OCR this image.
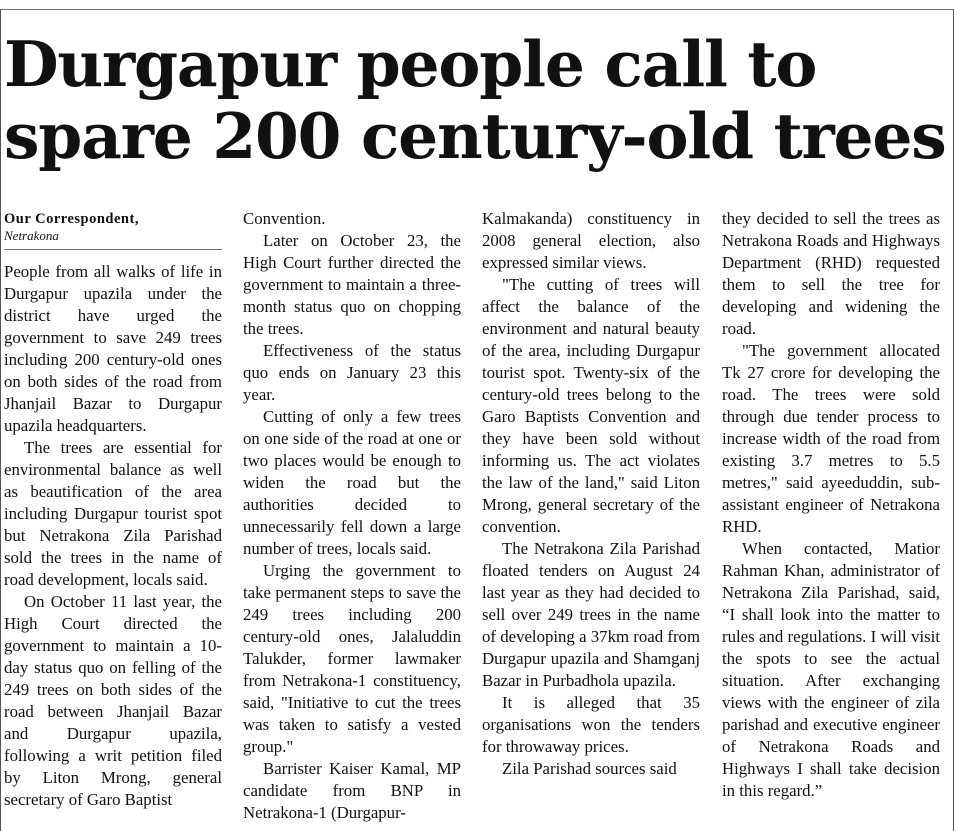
Durgapur people call to spare 200 century-old trees
Our Correspondent,
Netrakona

People from all walks of life in Durgapur upazila under the district have urged the government to save 249 trees including 200 century-old ones on both sides of the road from Jhanjail Bazar to Durgapur upazila headquarters.

The trees are essential for environmental balance as well as beautification of the area including Durgapur tourist spot but Netrakona Zila Parishad sold the trees in the name of road development, locals said.

On October 11 last year, the High Court directed the government to maintain a 10-day status quo on felling of the 249 trees on both sides of the road between Jhanjail Bazar and Durgapur upazila, following a writ petition filed by Liton Mrong, general secretary of Garo Baptist

Convention.

Later on October 23, the High Court further directed the government to maintain a three-month status quo on chopping the trees.

Effectiveness of the status quo ends on January 23 this year.

Cutting of only a few trees on one side of the road at one or two places would be enough to widen the road but the authorities decided to unnecessarily fell down a large number of trees, locals said.

Urging the government to take permanent steps to save the 249 trees including 200 century-old ones, Jalaluddin Talukder, former lawmaker from Netrakona-1 constituency, said, "Initiative to cut the trees was taken to satisfy a vested group."

Barrister Kaiser Kamal, MP candidate from BNP in Netrakona-1 (Durgapur-

Kalmakanda) constituency in 2008 general election, also expressed similar views.

"The cutting of trees will affect the balance of the environment and natural beauty of the area, including Durgapur tourist spot. Twenty-six of the century-old trees belong to the Garo Baptists Convention and they have been sold without informing us. The act violates the law of the land," said Liton Mrong, general secretary of the convention.

The Netrakona Zila Parishad floated tenders on August 24 last year as they had decided to sell over 249 trees in the name of developing a 37km road from Durgapur upazila and Shamganj Bazar in Purbadhola upazila.

It is alleged that 35 organisations won the tenders for throwaway prices.

Zila Parishad sources said

they decided to sell the trees as Netrakona Roads and Highways Department (RHD) requested them to sell the tree for developing and widening the road.

"The government allocated Tk 27 crore for developing the road. The trees were sold through due tender process to increase width of the road from existing 3.7 metres to 5.5 metres," said ayeeduddin, sub-assistant engineer of Netrakona RHD.

When contacted, Matior Rahman Khan, administrator of Netrakona Zila Parishad, said, “I shall look into the matter to rules and regulations. I will visit the spots to see the actual situation. After exchanging views with the engineer of zila parishad and executive engineer of Netrakona Roads and Highways I shall take decision in this regard.”
